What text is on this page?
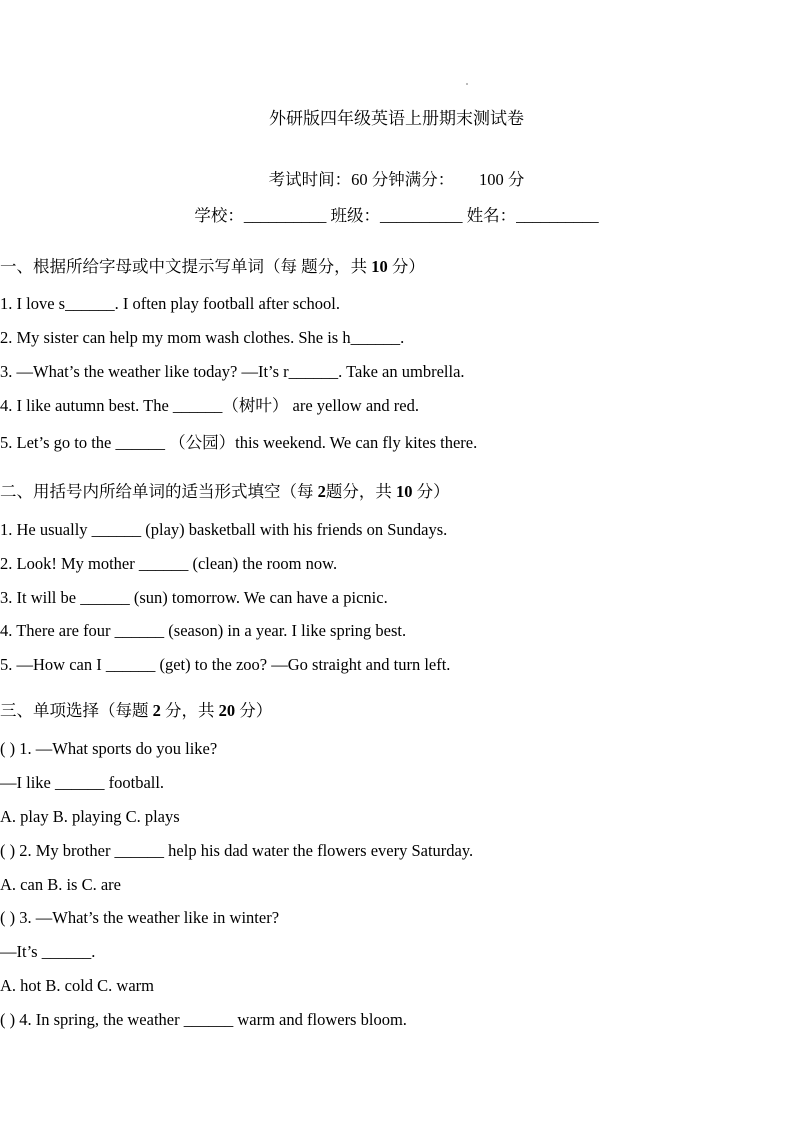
外研版四年级英语上册期末测试卷
考试时间：60 分钟满分：　　100 分
学校：__________ 班级：__________ 姓名：__________
一、根据所给字母或中文提示写单词（每 题分，共 10 分）
1. I love s______. I often play football after school.
2. My sister can help my mom wash clothes. She is h______.
3. —What’s the weather like today? —It’s r______. Take an umbrella.
4. I like autumn best. The ______（树叶） are yellow and red.
5. Let’s go to the ______ （公园）this weekend. We can fly kites there.
二、用括号内所给单词的适当形式填空（每 2题分，共 10 分）
1. He usually ______ (play) basketball with his friends on Sundays.
2. Look! My mother ______ (clean) the room now.
3. It will be ______ (sun) tomorrow. We can have a picnic.
4. There are four ______ (season) in a year. I like spring best.
5. —How can I ______ (get) to the zoo? —Go straight and turn left.
三、单项选择（每题 2 分，共 20 分）
( ) 1. —What sports do you like?
—I like ______ football.
A. play B. playing C. plays
( ) 2. My brother ______ help his dad water the flowers every Saturday.
A. can B. is C. are
( ) 3. —What’s the weather like in winter?
—It’s ______.
A. hot B. cold C. warm
( ) 4. In spring, the weather ______ warm and flowers bloom.
